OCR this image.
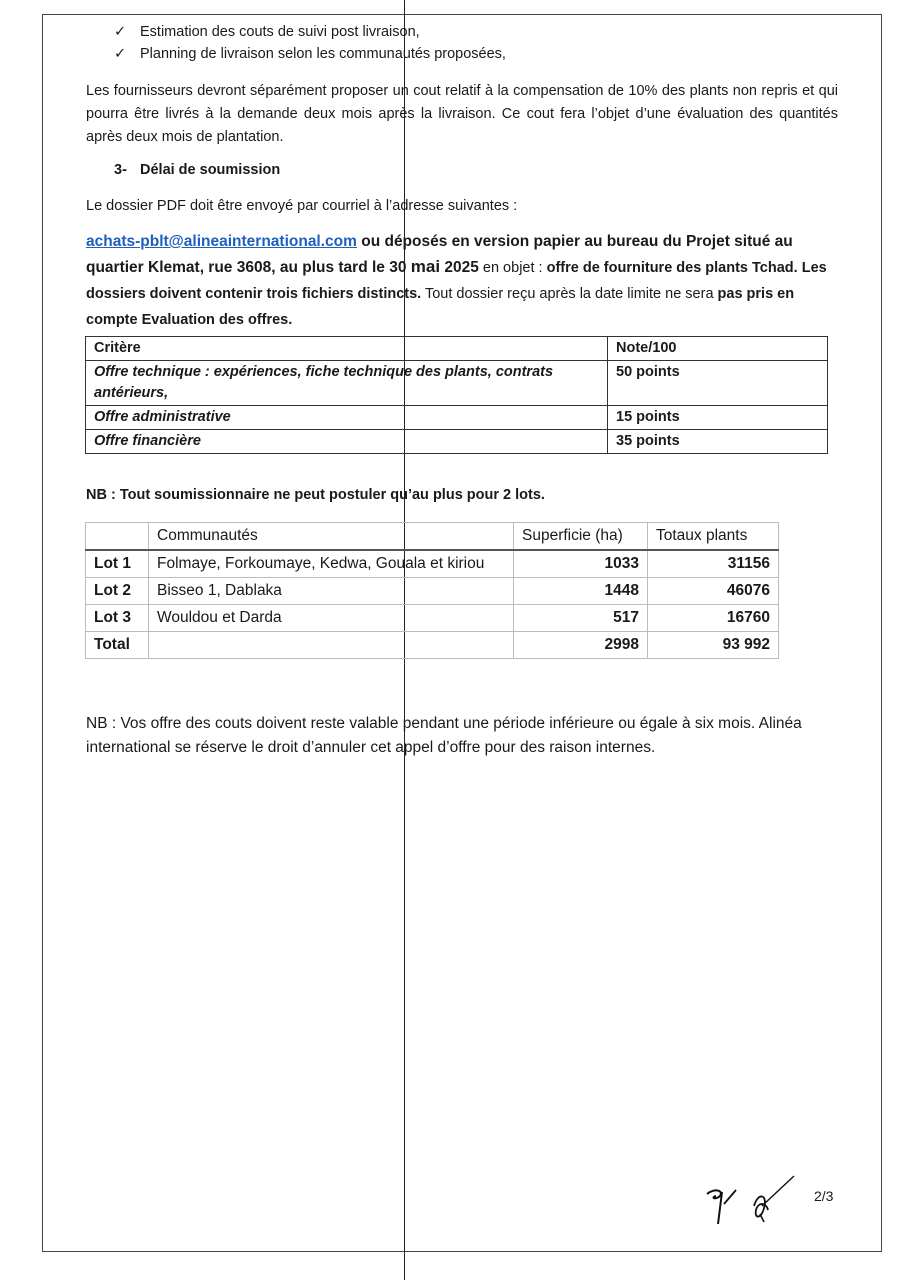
✓ Estimation des couts de suivi post livraison,
✓ Planning de livraison selon les communautés proposées,
Les fournisseurs devront séparément proposer un cout relatif à la compensation de 10% des plants non repris et qui pourra être livrés à la demande deux mois après la livraison. Ce cout fera l’objet d’une évaluation des quantités après deux mois de plantation.
3- Délai de soumission
Le dossier PDF doit être envoyé par courriel à l’adresse suivantes :
achats-pblt@alineainternational.com ou déposés en version papier au bureau du Projet situé au quartier Klemat, rue 3608, au plus tard le 30 mai 2025 en objet : offre de fourniture des plants Tchad. Les dossiers doivent contenir trois fichiers distincts. Tout dossier reçu après la date limite ne sera pas pris en compte Evaluation des offres.
Critère	Note/100
Offre technique : expériences, fiche technique des plants, contrats antérieurs,	50 points
Offre administrative	15 points
Offre financière	35 points
NB : Tout soumissionnaire ne peut postuler qu’au plus pour 2 lots.
	Communautés	Superficie (ha)	Totaux plants
Lot 1	Folmaye, Forkoumaye, Kedwa, Gouala et kiriou	1033	31156
Lot 2	Bisseo 1, Dablaka	1448	46076
Lot 3	Wouldou et Darda	517	16760
Total		2998	93 992
NB : Vos offre des couts doivent reste valable pendant une période inférieure ou égale à six mois. Alinéa international se réserve le droit d’annuler cet appel d’offre pour des raison internes.
2/3
